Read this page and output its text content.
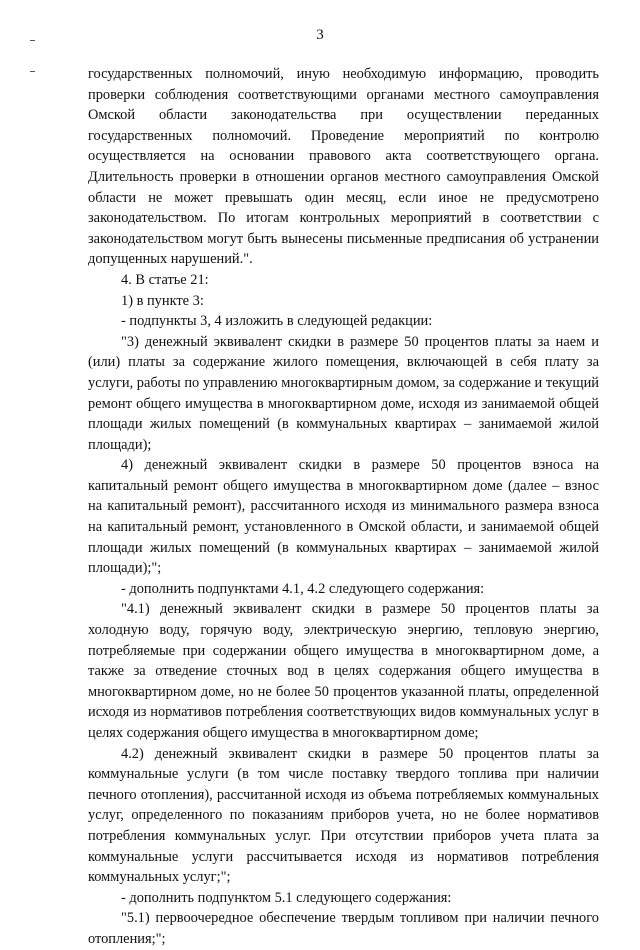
3

государственных полномочий, иную необходимую информацию, проводить проверки соблюдения соответствующими органами местного самоуправления Омской области законодательства при осуществлении переданных государственных полномочий. Проведение мероприятий по контролю осуществляется на основании правового акта соответствующего органа. Длительность проверки в отношении органов местного самоуправления Омской области не может превышать один месяц, если иное не предусмотрено законодательством. По итогам контрольных мероприятий в соответствии с законодательством могут быть вынесены письменные предписания об устранении допущенных нарушений.".

4. В статье 21:

1) в пункте 3:

- подпункты 3, 4 изложить в следующей редакции:

"3) денежный эквивалент скидки в размере 50 процентов платы за наем и (или) платы за содержание жилого помещения, включающей в себя плату за услуги, работы по управлению многоквартирным домом, за содержание и текущий ремонт общего имущества в многоквартирном доме, исходя из занимаемой общей площади жилых помещений (в коммунальных квартирах – занимаемой жилой площади);

4) денежный эквивалент скидки в размере 50 процентов взноса на капитальный ремонт общего имущества в многоквартирном доме (далее – взнос на капитальный ремонт), рассчитанного исходя из минимального размера взноса на капитальный ремонт, установленного в Омской области, и занимаемой общей площади жилых помещений (в коммунальных квартирах – занимаемой жилой площади);";

- дополнить подпунктами 4.1, 4.2 следующего содержания:

"4.1) денежный эквивалент скидки в размере 50 процентов платы за холодную воду, горячую воду, электрическую энергию, тепловую энергию, потребляемые при содержании общего имущества в многоквартирном доме, а также за отведение сточных вод в целях содержания общего имущества в многоквартирном доме, но не более 50 процентов указанной платы, определенной исходя из нормативов потребления соответствующих видов коммунальных услуг в целях содержания общего имущества в многоквартирном доме;

4.2) денежный эквивалент скидки в размере 50 процентов платы за коммунальные услуги (в том числе поставку твердого топлива при наличии печного отопления), рассчитанной исходя из объема потребляемых коммунальных услуг, определенного по показаниям приборов учета, но не более нормативов потребления коммунальных услуг. При отсутствии приборов учета плата за коммунальные услуги рассчитывается исходя из нормативов потребления коммунальных услуг;";

- дополнить подпунктом 5.1 следующего содержания:

"5.1) первоочередное обеспечение твердым топливом при наличии печного отопления;";
